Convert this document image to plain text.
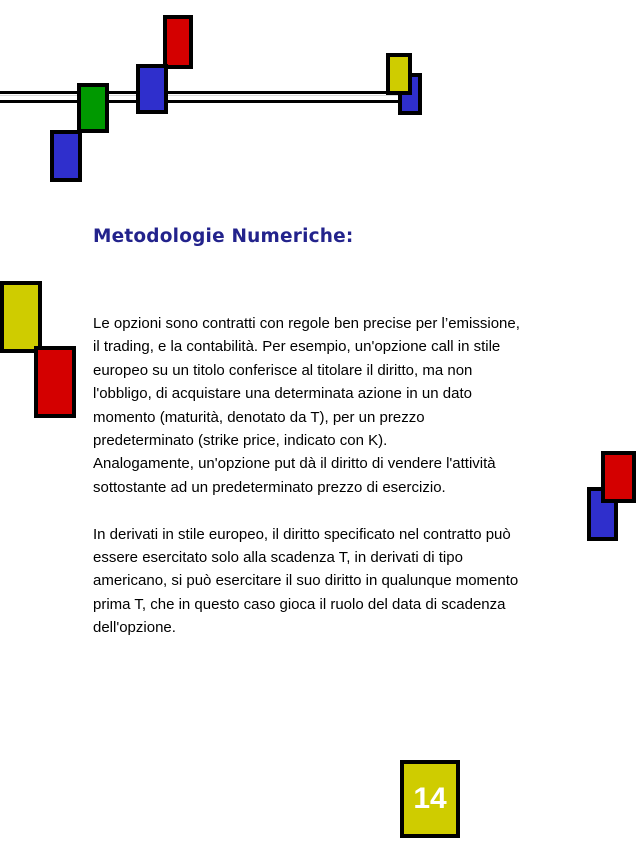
Metodologie Numeriche:
Le opzioni sono contratti con regole ben precise per l’emissione,
il trading, e la contabilità. Per esempio, un'opzione call in stile
europeo su un titolo conferisce al titolare il diritto, ma non
l'obbligo, di acquistare una determinata azione in un dato
momento (maturità, denotato da T), per un prezzo
predeterminato (strike price, indicato con K).
Analogamente, un'opzione put dà il diritto di vendere l'attività
sottostante ad un predeterminato prezzo di esercizio.
In derivati in stile europeo, il diritto specificato nel contratto può
essere esercitato solo alla scadenza T, in derivati di tipo
americano, si può esercitare il suo diritto in qualunque momento
prima T, che in questo caso gioca il ruolo del data di scadenza
dell'opzione.
14
